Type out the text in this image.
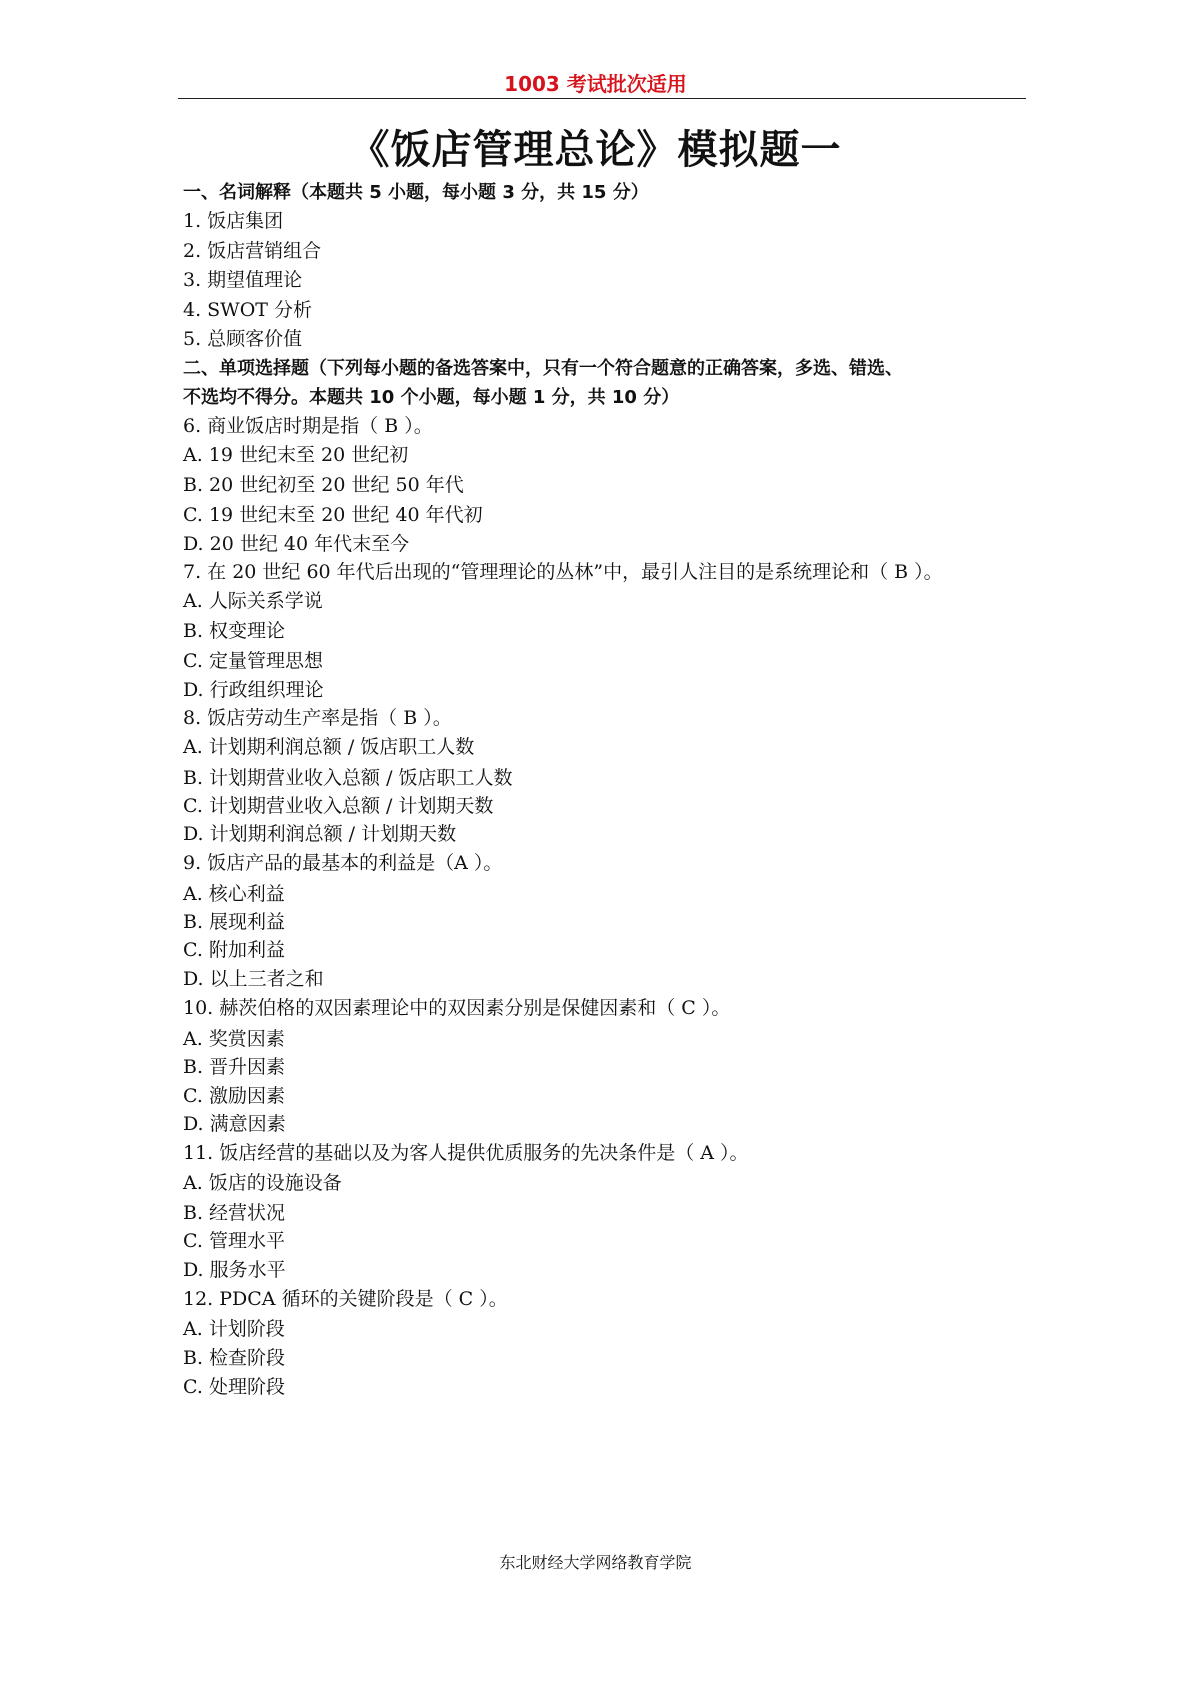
1003 考试批次适用
《饭店管理总论》模拟题一
一、名词解释（本题共 5 小题，每小题 3 分，共 15 分）
1. 饭店集团
2. 饭店营销组合
3. 期望值理论
4. SWOT 分析
5. 总顾客价值
二、单项选择题（下列每小题的备选答案中，只有一个符合题意的正确答案，多选、错选、
不选均不得分。本题共 10 个小题，每小题 1 分，共 10 分）
6. 商业饭店时期是指（ B ）。
A. 19 世纪末至 20 世纪初
B. 20 世纪初至 20 世纪 50 年代
C. 19 世纪末至 20 世纪 40 年代初
D. 20 世纪 40 年代末至今
7. 在 20 世纪 60 年代后出现的“管理理论的丛林”中，最引人注目的是系统理论和（ B ）。
A. 人际关系学说
B. 权变理论
C. 定量管理思想
D. 行政组织理论
8. 饭店劳动生产率是指（ B ）。
A. 计划期利润总额 / 饭店职工人数
B. 计划期营业收入总额 / 饭店职工人数
C. 计划期营业收入总额 / 计划期天数
D. 计划期利润总额 / 计划期天数
9. 饭店产品的最基本的利益是（A ）。
A. 核心利益
B. 展现利益
C. 附加利益
D. 以上三者之和
10. 赫茨伯格的双因素理论中的双因素分别是保健因素和（ C ）。
A. 奖赏因素
B. 晋升因素
C. 激励因素
D. 满意因素
11. 饭店经营的基础以及为客人提供优质服务的先决条件是（ A ）。
A. 饭店的设施设备
B. 经营状况
C. 管理水平
D. 服务水平
12. PDCA 循环的关键阶段是（ C ）。
A. 计划阶段
B. 检查阶段
C. 处理阶段
东北财经大学网络教育学院
